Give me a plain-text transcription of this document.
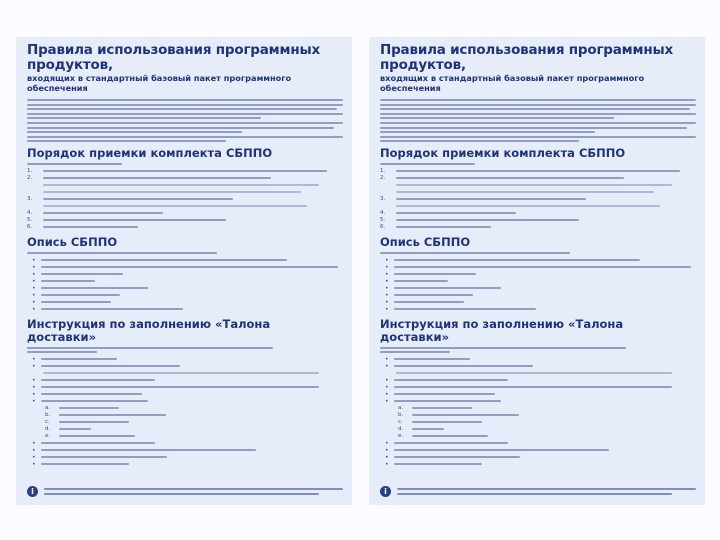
Правила использования программных продуктов,
входящих в стандартный базовый пакет программного обеспечения
Порядок приемки комплекта СБППО
1.
2.
3.
4.
5.
6.
Опись СБППО
•
•
•
•
•
•
•
•
Инструкция по заполнению «Талона доставки»
•
•
•
•
•
•
a.
b.
c.
d.
e.
•
•
•
•
i
Правила использования программных продуктов,
входящих в стандартный базовый пакет программного обеспечения
Порядок приемки комплекта СБППО
1.
2.
3.
4.
5.
6.
Опись СБППО
•
•
•
•
•
•
•
•
Инструкция по заполнению «Талона доставки»
•
•
•
•
•
•
a.
b.
c.
d.
e.
•
•
•
•
i
